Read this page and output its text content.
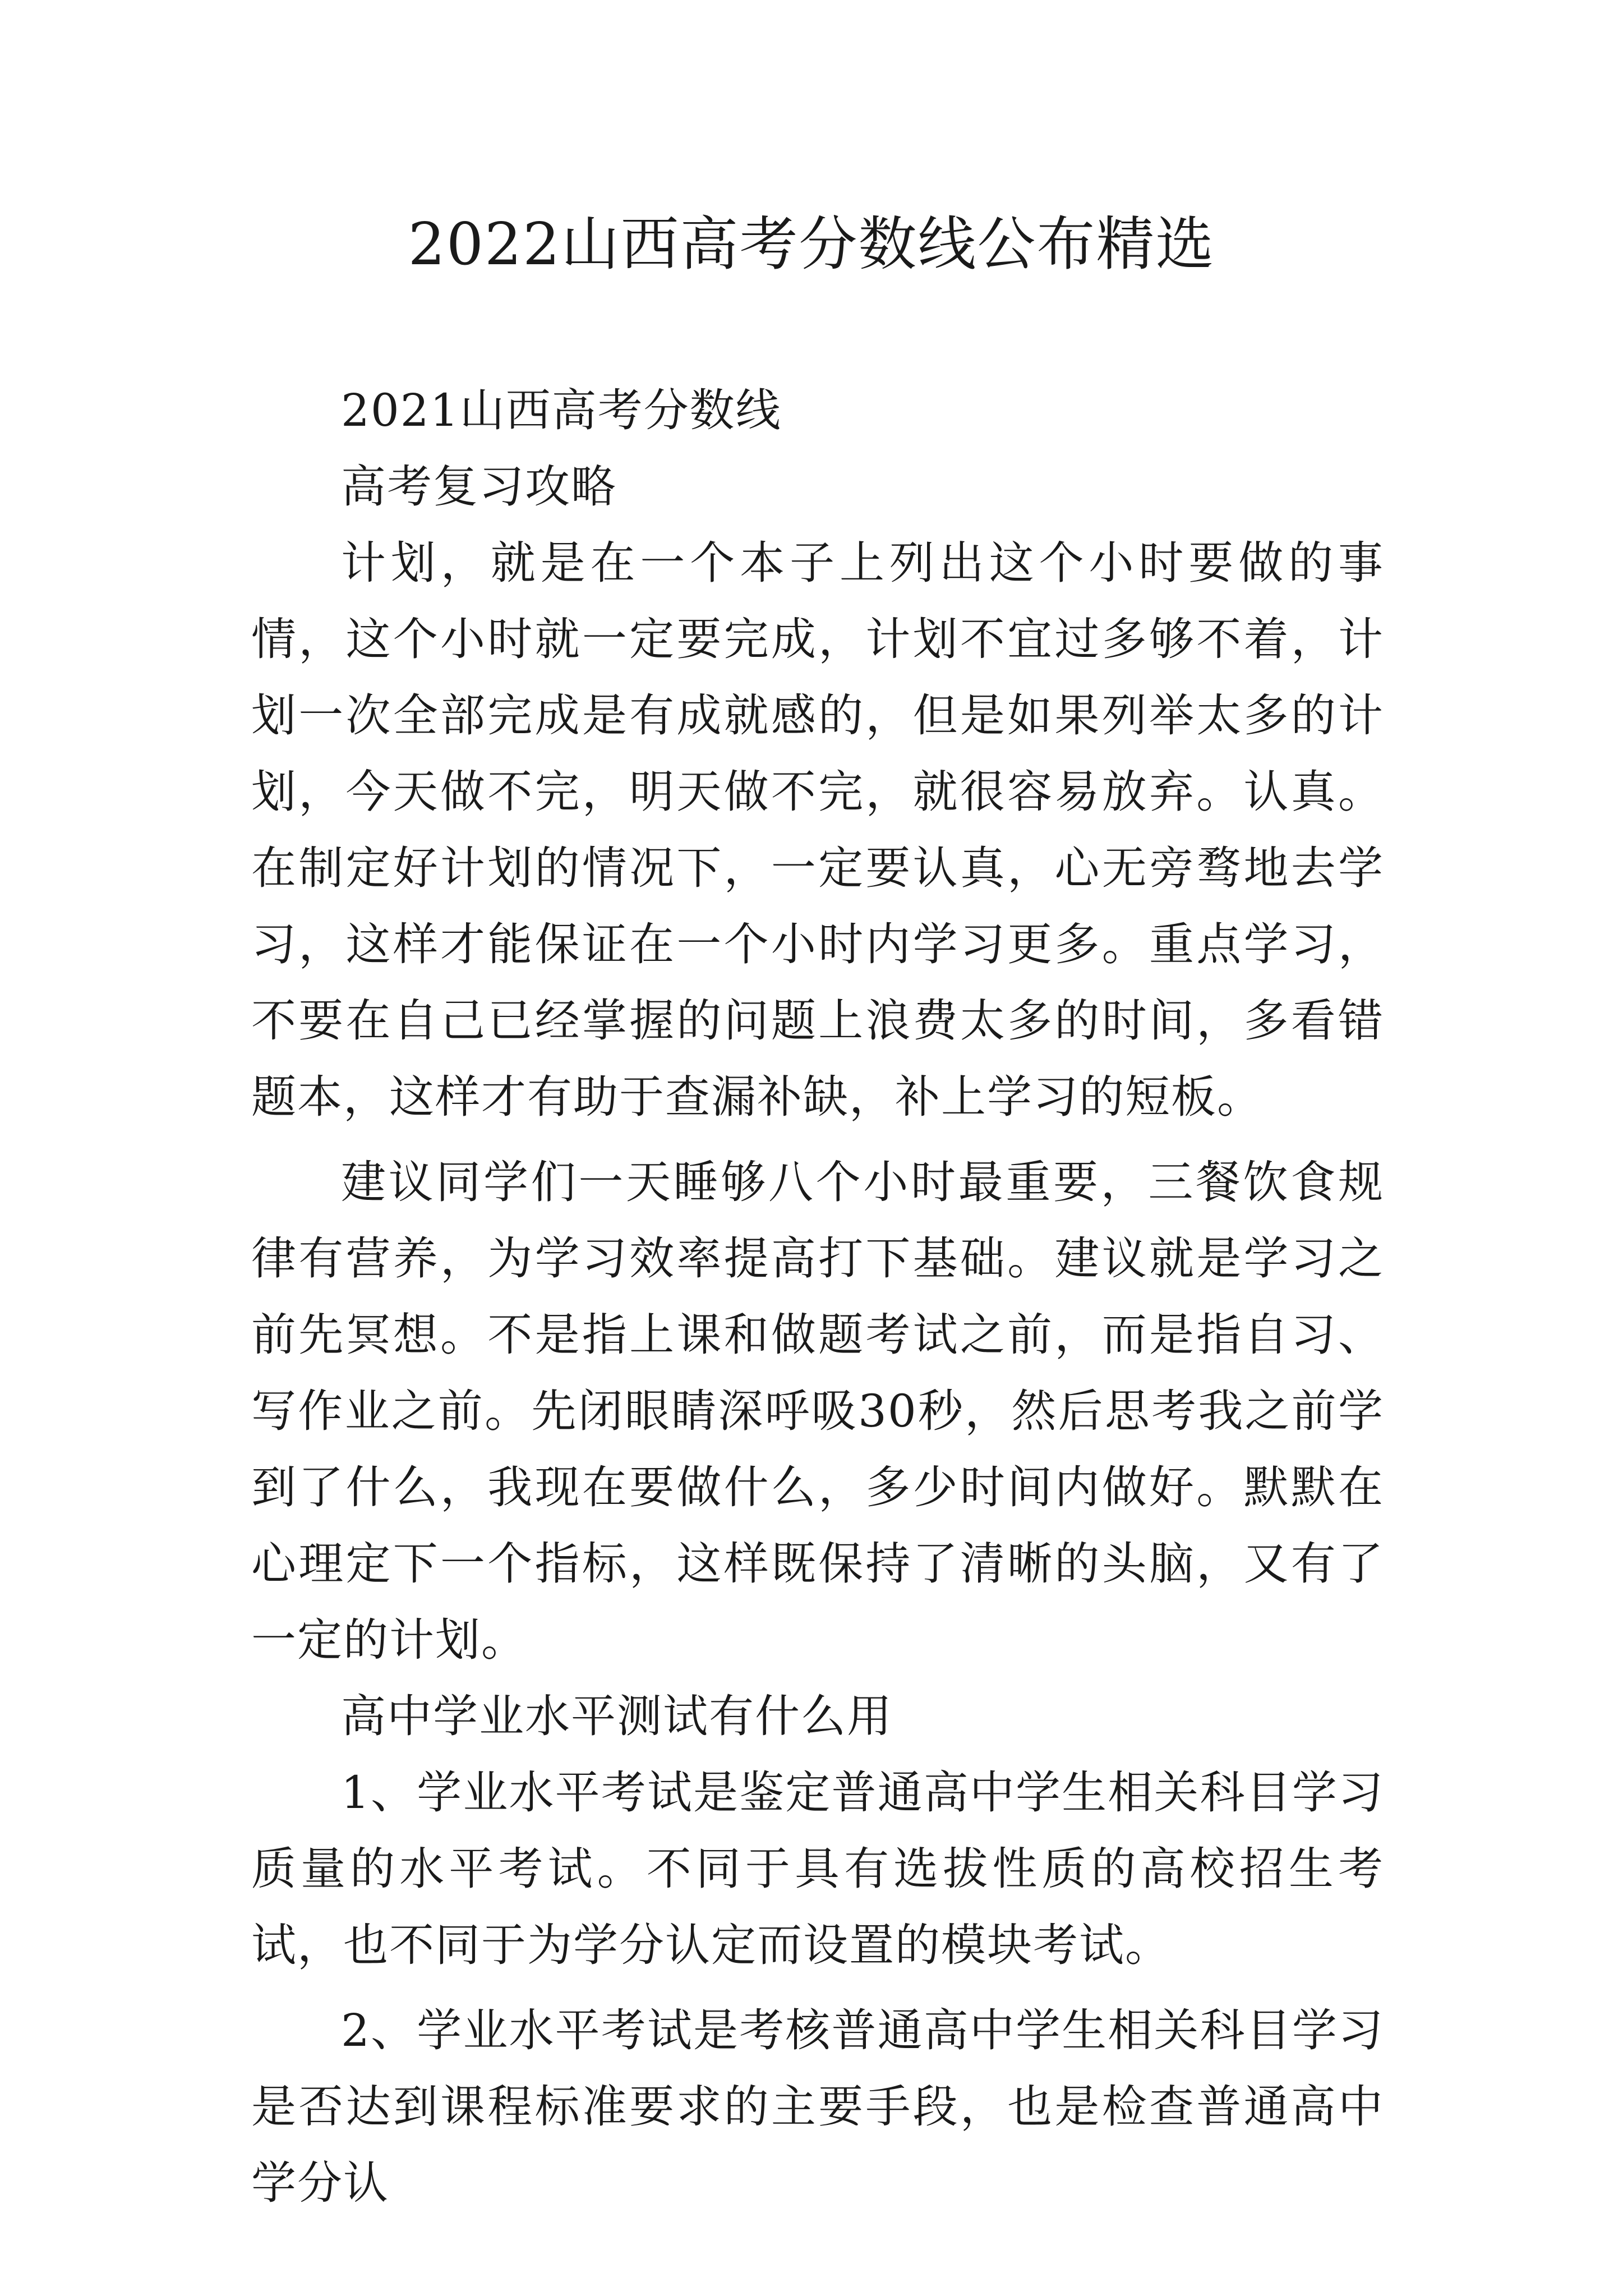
2022山西高考分数线公布精选

2021山西高考分数线

高考复习攻略

计划，就是在一个本子上列出这个小时要做的事情，这个小时就一定要完成，计划不宜过多够不着，计划一次全部完成是有成就感的，但是如果列举太多的计划，今天做不完，明天做不完，就很容易放弃。认真。在制定好计划的情况下，一定要认真，心无旁骛地去学习，这样才能保证在一个小时内学习更多。重点学习，不要在自己已经掌握的问题上浪费太多的时间，多看错题本，这样才有助于查漏补缺，补上学习的短板。

建议同学们一天睡够八个小时最重要，三餐饮食规律有营养，为学习效率提高打下基础。建议就是学习之前先冥想。不是指上课和做题考试之前，而是指自习、写作业之前。先闭眼睛深呼吸30秒，然后思考我之前学到了什么，我现在要做什么，多少时间内做好。默默在心理定下一个指标，这样既保持了清晰的头脑，又有了一定的计划。

高中学业水平测试有什么用

1、学业水平考试是鉴定普通高中学生相关科目学习质量的水平考试。不同于具有选拔性质的高校招生考试，也不同于为学分认定而设置的模块考试。

2、学业水平考试是考核普通高中学生相关科目学习是否达到课程标准要求的主要手段，也是检查普通高中学分认
